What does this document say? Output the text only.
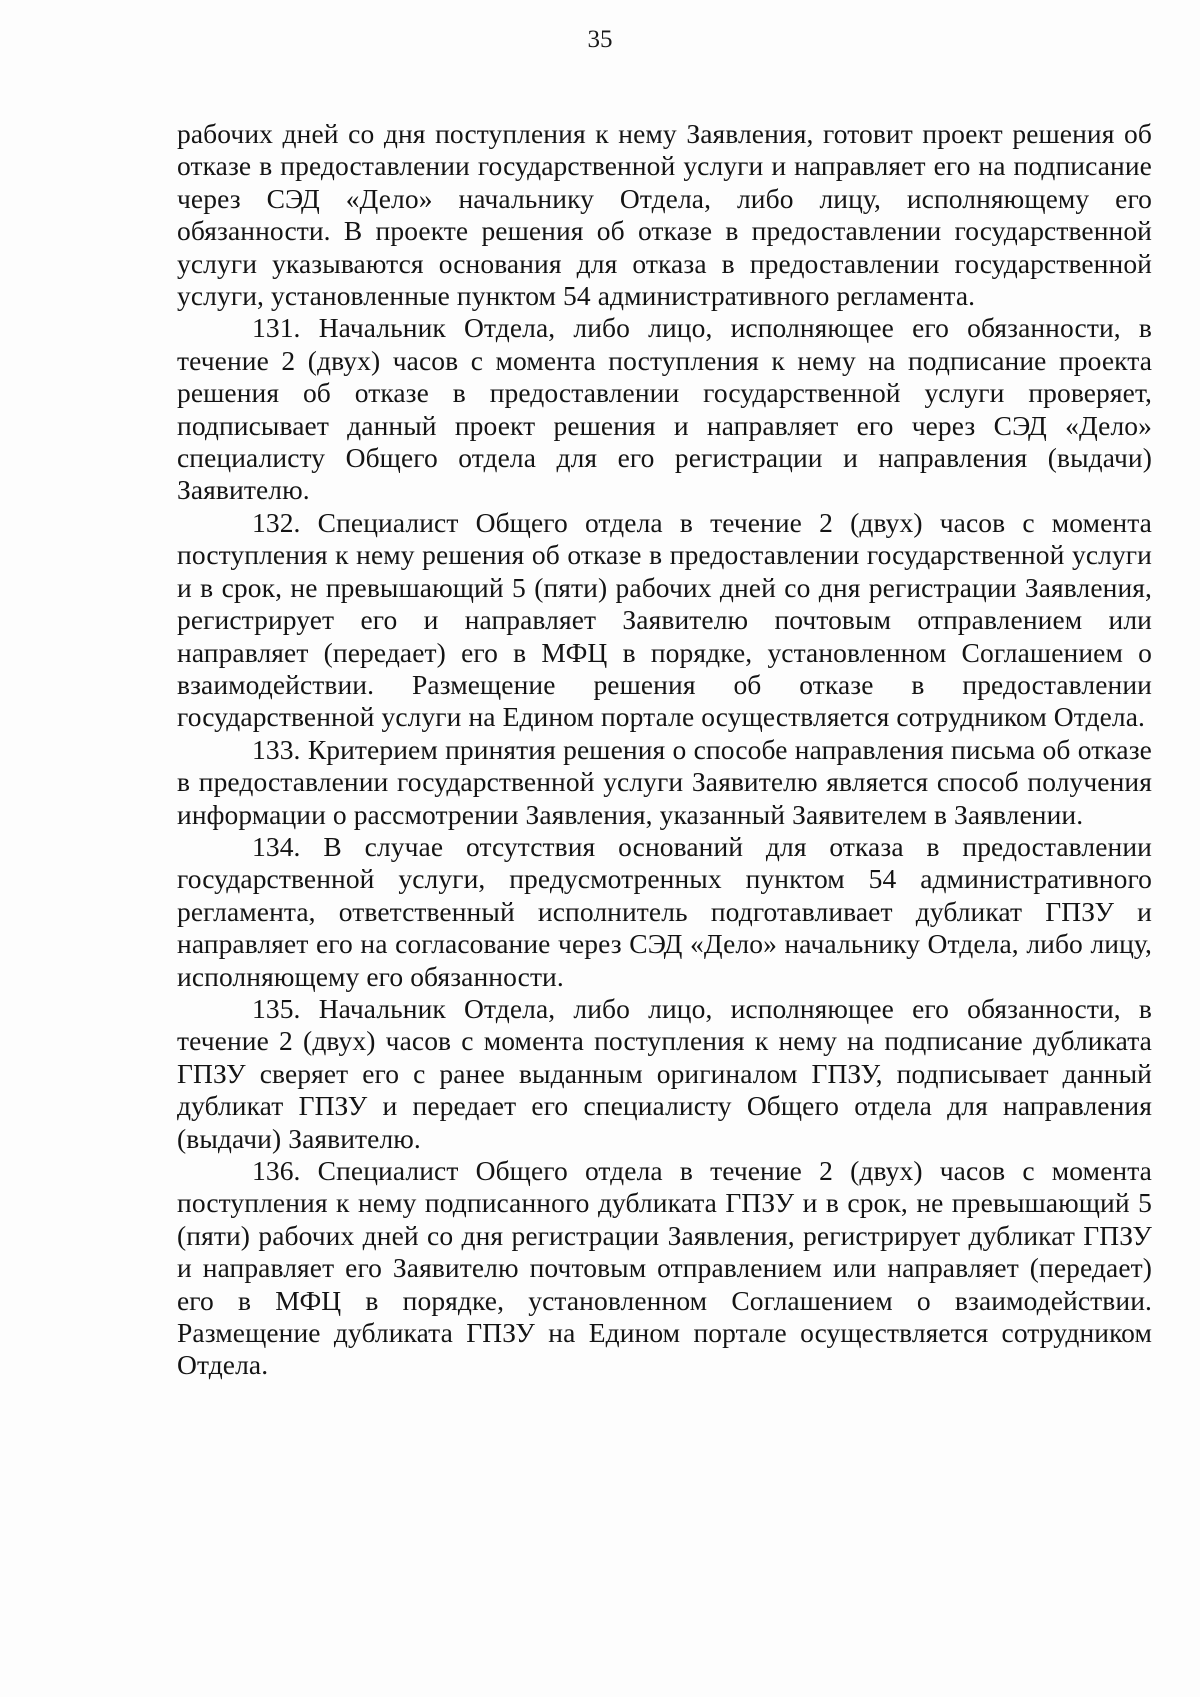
35

рабочих дней со дня поступления к нему Заявления, готовит проект решения об отказе в предоставлении государственной услуги и направляет его на подписание через СЭД «Дело» начальнику Отдела, либо лицу, исполняющему его обязанности. В проекте решения об отказе в предоставлении государственной услуги указываются основания для отказа в предоставлении государственной услуги, установленные пунктом 54 административного регламента.

131. Начальник Отдела, либо лицо, исполняющее его обязанности, в течение 2 (двух) часов с момента поступления к нему на подписание проекта решения об отказе в предоставлении государственной услуги проверяет, подписывает данный проект решения и направляет его через СЭД «Дело» специалисту Общего отдела для его регистрации и направления (выдачи) Заявителю.

132. Специалист Общего отдела в течение 2 (двух) часов с момента поступления к нему решения об отказе в предоставлении государственной услуги и в срок, не превышающий 5 (пяти) рабочих дней со дня регистрации Заявления, регистрирует его и направляет Заявителю почтовым отправлением или направляет (передает) его в МФЦ в порядке, установленном Соглашением о взаимодействии. Размещение решения об отказе в предоставлении государственной услуги на Едином портале осуществляется сотрудником Отдела.

133. Критерием принятия решения о способе направления письма об отказе в предоставлении государственной услуги Заявителю является способ получения информации о рассмотрении Заявления, указанный Заявителем в Заявлении.

134. В случае отсутствия оснований для отказа в предоставлении государственной услуги, предусмотренных пунктом 54 административного регламента, ответственный исполнитель подготавливает дубликат ГПЗУ и направляет его на согласование через СЭД «Дело» начальнику Отдела, либо лицу, исполняющему его обязанности.

135. Начальник Отдела, либо лицо, исполняющее его обязанности, в течение 2 (двух) часов с момента поступления к нему на подписание дубликата ГПЗУ сверяет его с ранее выданным оригиналом ГПЗУ, подписывает данный дубликат ГПЗУ и передает его специалисту Общего отдела для направления (выдачи) Заявителю.

136. Специалист Общего отдела в течение 2 (двух) часов с момента поступления к нему подписанного дубликата ГПЗУ и в срок, не превышающий 5 (пяти) рабочих дней со дня регистрации Заявления, регистрирует дубликат ГПЗУ и направляет его Заявителю почтовым отправлением или направляет (передает) его в МФЦ в порядке, установленном Соглашением о взаимодействии. Размещение дубликата ГПЗУ на Едином портале осуществляется сотрудником Отдела.
